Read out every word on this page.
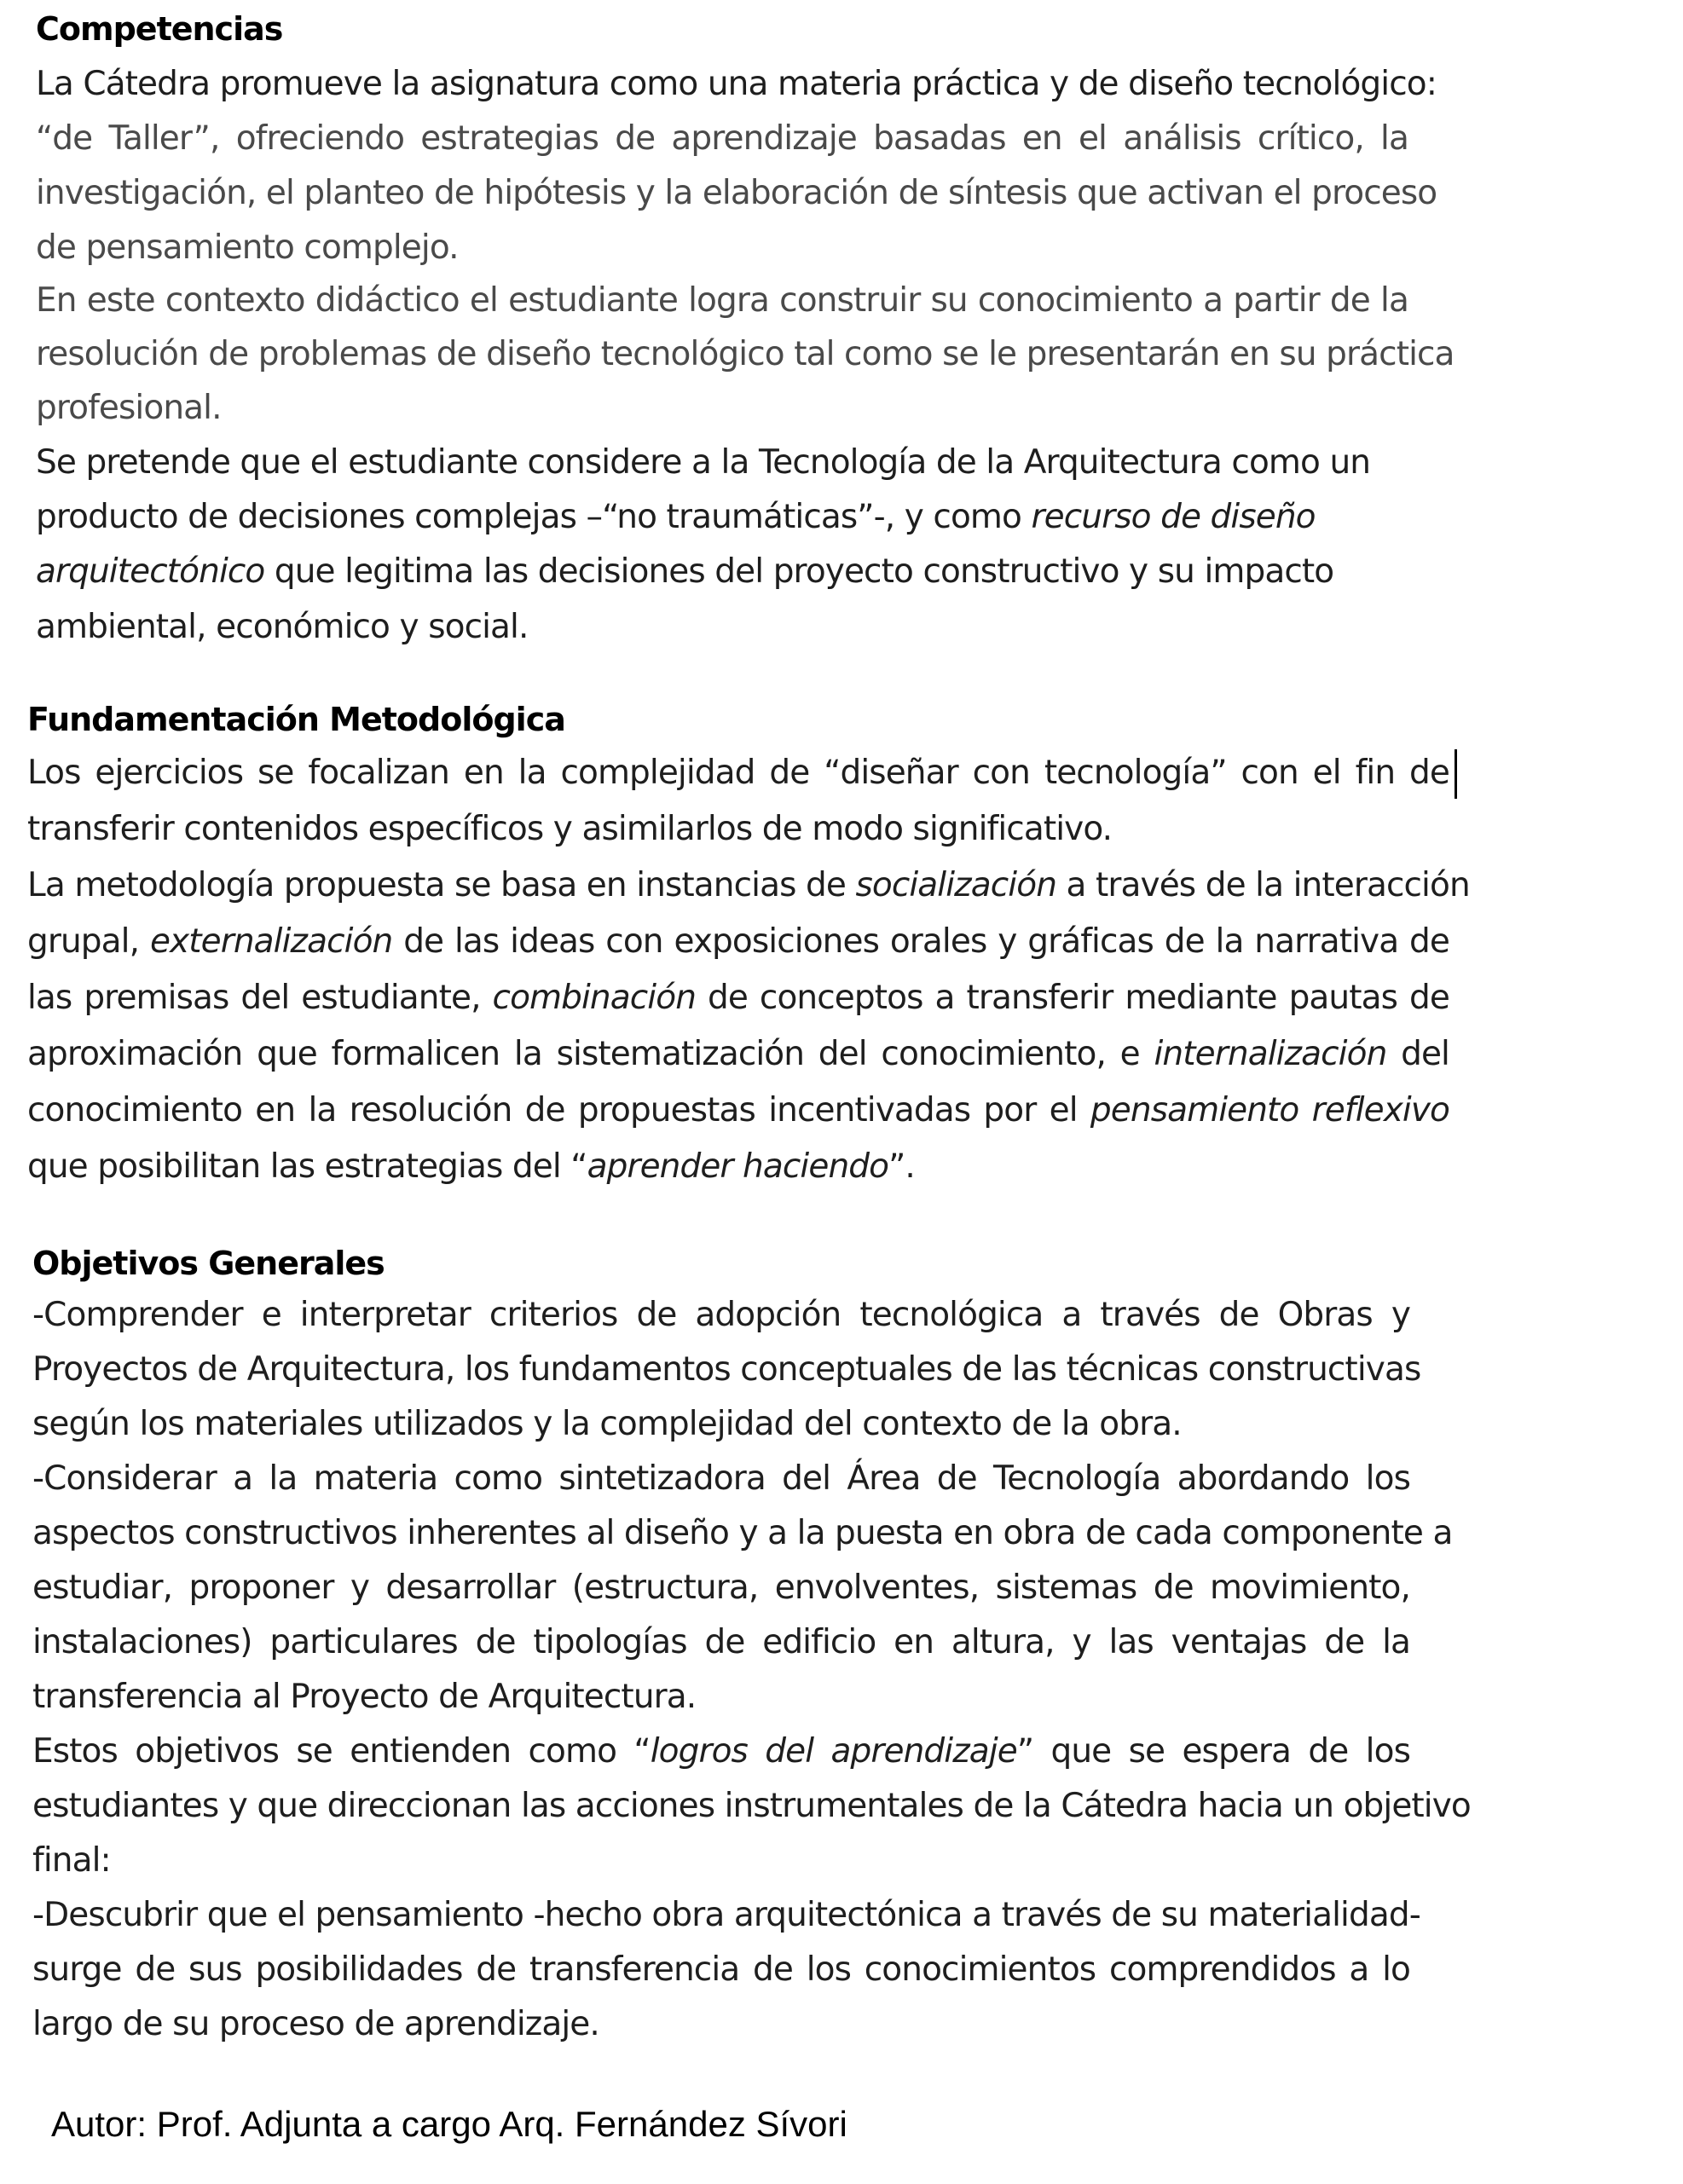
Competencias
La Cátedra promueve la asignatura como una materia práctica y de diseño tecnológico:
“de Taller”, ofreciendo estrategias de aprendizaje basadas en el análisis crítico, la
investigación, el planteo de hipótesis y la elaboración de síntesis que activan el proceso
de pensamiento complejo.
En este contexto didáctico el estudiante logra construir su conocimiento a partir de la
resolución de problemas de diseño tecnológico tal como se le presentarán en su práctica
profesional.
Se pretende que el estudiante considere a la Tecnología de la Arquitectura como un
producto de decisiones complejas –“no traumáticas”-, y como recurso de diseño
arquitectónico que legitima las decisiones del proyecto constructivo y su impacto
ambiental, económico y social.
Fundamentación Metodológica
Los ejercicios se focalizan en la complejidad de “diseñar con tecnología” con el fin de
transferir contenidos específicos y asimilarlos de modo significativo.
La metodología propuesta se basa en instancias de socialización a través de la interacción
grupal, externalización de las ideas con exposiciones orales y gráficas de la narrativa de
las premisas del estudiante, combinación de conceptos a transferir mediante pautas de
aproximación que formalicen la sistematización del conocimiento, e internalización del
conocimiento en la resolución de propuestas incentivadas por el pensamiento reflexivo
que posibilitan las estrategias del “aprender haciendo”.
Objetivos Generales
-Comprender e interpretar criterios de adopción tecnológica a través de Obras y
Proyectos de Arquitectura, los fundamentos conceptuales de las técnicas constructivas
según los materiales utilizados y la complejidad del contexto de la obra.
-Considerar a la materia como sintetizadora del Área de Tecnología abordando los
aspectos constructivos inherentes al diseño y a la puesta en obra de cada componente a
estudiar, proponer y desarrollar (estructura, envolventes, sistemas de movimiento,
instalaciones) particulares de tipologías de edificio en altura, y las ventajas de la
transferencia al Proyecto de Arquitectura.
Estos objetivos se entienden como “logros del aprendizaje” que se espera de los
estudiantes y que direccionan las acciones instrumentales de la Cátedra hacia un objetivo
final:
-Descubrir que el pensamiento -hecho obra arquitectónica a través de su materialidad-
surge de sus posibilidades de transferencia de los conocimientos comprendidos a lo
largo de su proceso de aprendizaje.
Autor: Prof. Adjunta a cargo Arq. Fernández Sívori
